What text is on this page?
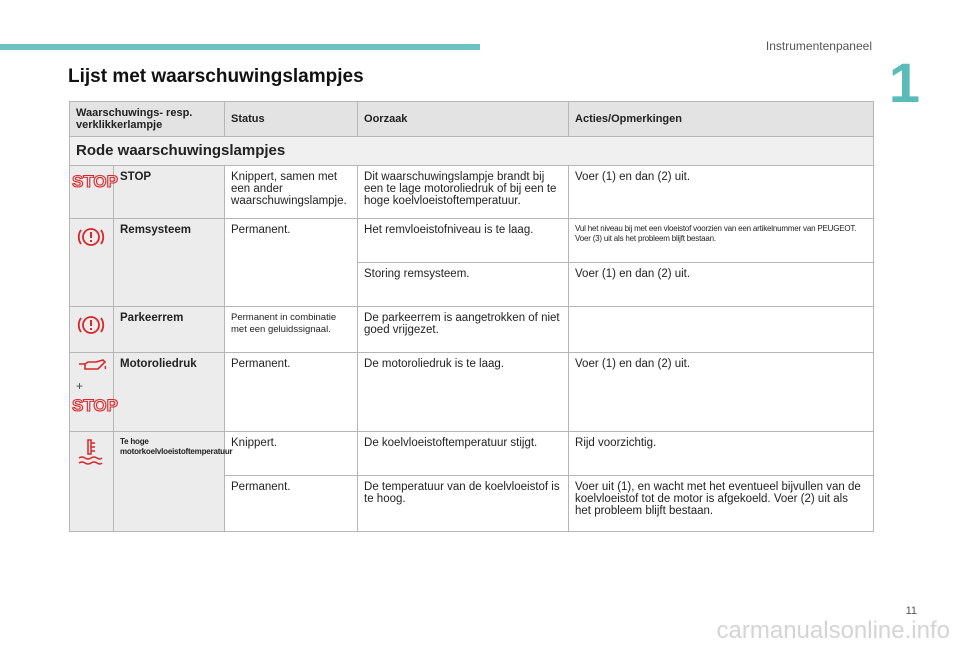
Instrumentenpaneel
1
Lijst met waarschuwingslampjes
Waarschuwings- resp. verklikkerlampje		Status	Oorzaak	Acties/Opmerkingen
Rode waarschuwingslampjes				

STOP	STOP	Knippert, samen met een ander waarschuwingslampje.	Dit waarschuwingslampje brandt bij een te lage motoroliedruk of bij een te hoge koelvloeistoftemperatuur.	Voer (1) en dan (2) uit.
	Remsysteem	Permanent.	Het remvloeistofniveau is te laag.	Vul het niveau bij met een vloeistof voorzien van een artikelnummer van PEUGEOT. Voer (3) uit als het probleem blijft bestaan.
			Storing remsysteem.	Voer (1) en dan (2) uit.
	Parkeerrem	Permanent in combinatie met een geluidssignaal.	De parkeerrem is aangetrokken of niet goed vrijgezet.	

+
STOP	Motoroliedruk	Permanent.	De motoroliedruk is te laag.	Voer (1) en dan (2) uit.
	Te hoge motorkoelvloeistoftemperatuur	Knippert.	De koelvloeistoftemperatuur stijgt.	Rijd voorzichtig.
		Permanent.	De temperatuur van de koelvloeistof is te hoog.	Voer uit (1), en wacht met het eventueel bijvullen van de koelvloeistof tot de motor is afgekoeld. Voer (2) uit als het probleem blijft bestaan.
11
carmanualsonline.info
